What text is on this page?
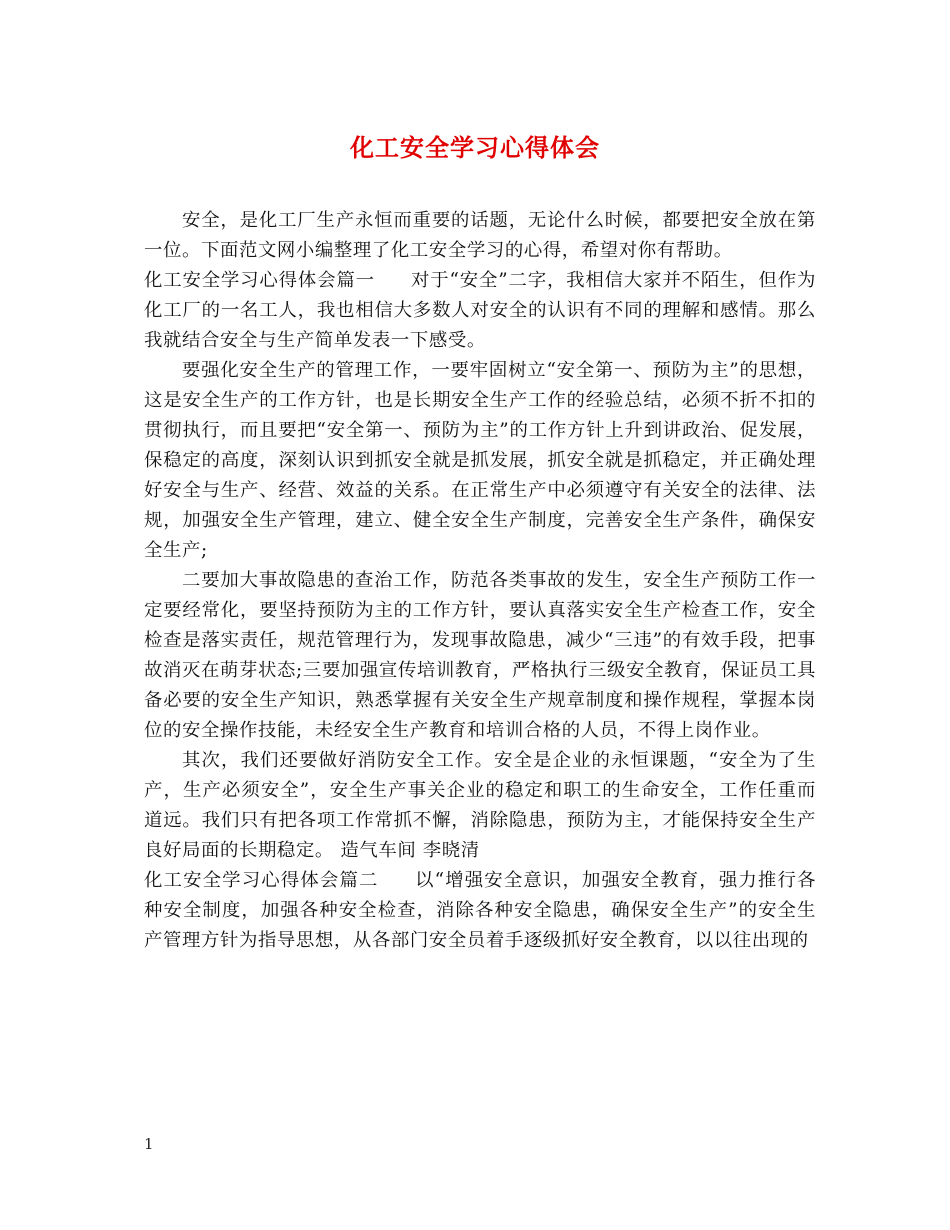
化工安全学习心得体会

安全，是化工厂生产永恒而重要的话题，无论什么时候，都要把安全放在第一位。下面范文网小编整理了化工安全学习的心得，希望对你有帮助。

化工安全学习心得体会篇一 对于“安全”二字，我相信大家并不陌生，但作为化工厂的一名工人，我也相信大多数人对安全的认识有不同的理解和感情。那么我就结合安全与生产简单发表一下感受。

要强化安全生产的管理工作，一要牢固树立“安全第一、预防为主”的思想，这是安全生产的工作方针，也是长期安全生产工作的经验总结，必须不折不扣的贯彻执行，而且要把“安全第一、预防为主”的工作方针上升到讲政治、促发展，保稳定的高度，深刻认识到抓安全就是抓发展，抓安全就是抓稳定，并正确处理好安全与生产、经营、效益的关系。在正常生产中必须遵守有关安全的法律、法规，加强安全生产管理，建立、健全安全生产制度，完善安全生产条件，确保安全生产;

二要加大事故隐患的查治工作，防范各类事故的发生，安全生产预防工作一定要经常化，要坚持预防为主的工作方针，要认真落实安全生产检查工作，安全检查是落实责任，规范管理行为，发现事故隐患，减少“三违”的有效手段，把事故消灭在萌芽状态;三要加强宣传培训教育，严格执行三级安全教育，保证员工具备必要的安全生产知识，熟悉掌握有关安全生产规章制度和操作规程，掌握本岗位的安全操作技能，未经安全生产教育和培训合格的人员，不得上岗作业。

其次，我们还要做好消防安全工作。安全是企业的永恒课题，“安全为了生产，生产必须安全”，安全生产事关企业的稳定和职工的生命安全，工作任重而道远。我们只有把各项工作常抓不懈，消除隐患，预防为主，才能保持安全生产良好局面的长期稳定。 造气车间 李晓清

化工安全学习心得体会篇二 以“增强安全意识，加强安全教育，强力推行各种安全制度，加强各种安全检查，消除各种安全隐患，确保安全生产”的安全生产管理方针为指导思想，从各部门安全员着手逐级抓好安全教育，以以往出现的

1
